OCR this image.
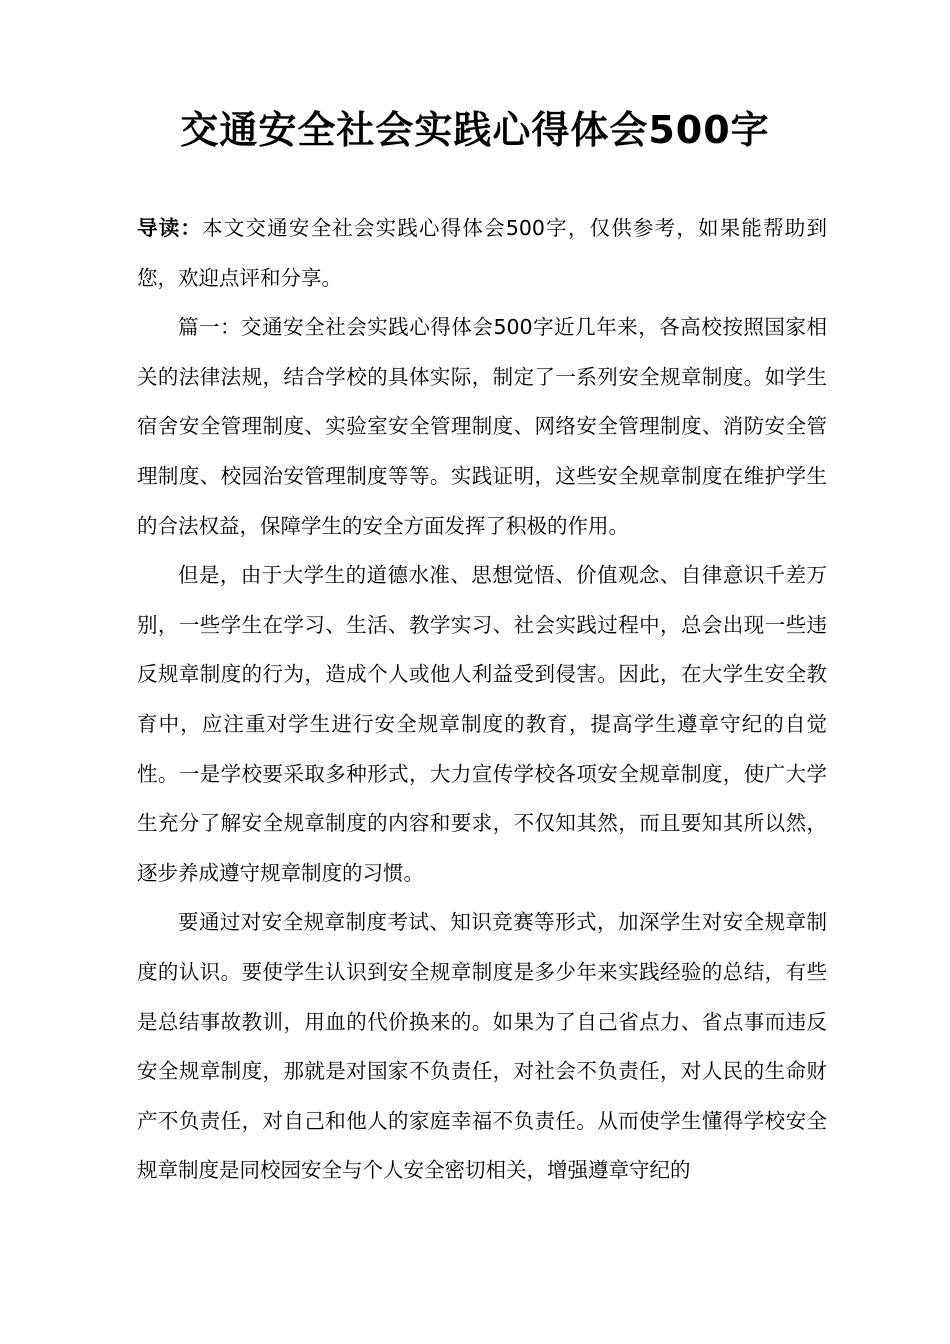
交通安全社会实践心得体会500字

导读：本文交通安全社会实践心得体会500字，仅供参考，如果能帮助到您，欢迎点评和分享。

篇一：交通安全社会实践心得体会500字近几年来，各高校按照国家相关的法律法规，结合学校的具体实际，制定了一系列安全规章制度。如学生宿舍安全管理制度、实验室安全管理制度、网络安全管理制度、消防安全管理制度、校园治安管理制度等等。实践证明，这些安全规章制度在维护学生的合法权益，保障学生的安全方面发挥了积极的作用。

但是，由于大学生的道德水准、思想觉悟、价值观念、自律意识千差万别，一些学生在学习、生活、教学实习、社会实践过程中，总会出现一些违反规章制度的行为，造成个人或他人利益受到侵害。因此，在大学生安全教育中，应注重对学生进行安全规章制度的教育，提高学生遵章守纪的自觉性。一是学校要采取多种形式，大力宣传学校各项安全规章制度，使广大学生充分了解安全规章制度的内容和要求，不仅知其然，而且要知其所以然，逐步养成遵守规章制度的习惯。

要通过对安全规章制度考试、知识竞赛等形式，加深学生对安全规章制度的认识。要使学生认识到安全规章制度是多少年来实践经验的总结，有些是总结事故教训，用血的代价换来的。如果为了自己省点力、省点事而违反安全规章制度，那就是对国家不负责任，对社会不负责任，对人民的生命财产不负责任，对自己和他人的家庭幸福不负责任。从而使学生懂得学校安全规章制度是同校园安全与个人安全密切相关，增强遵章守纪的
